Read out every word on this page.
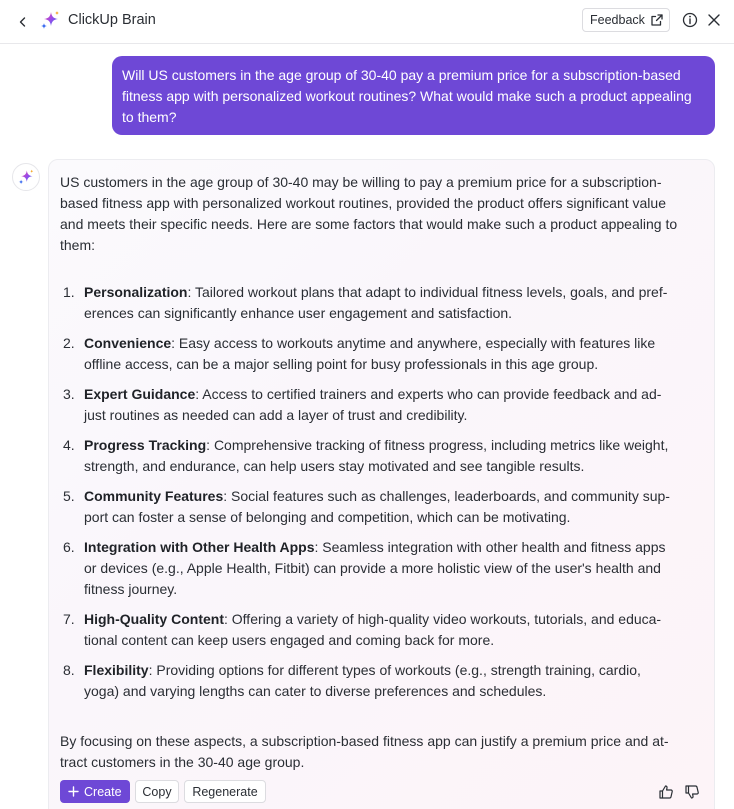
ClickUp Brain	Feedback
Will US customers in the age group of 30-40 pay a premium price for a subscription-based fitness app with personalized workout routines? What would make such a product appealing to them?
US customers in the age group of 30-40 may be willing to pay a premium price for a subscription-
based fitness app with personalized workout routines, provided the product offers significant value
and meets their specific needs. Here are some factors that would make such a product appealing to
them:
1. Personalization: Tailored workout plans that adapt to individual fitness levels, goals, and pref-
erences can significantly enhance user engagement and satisfaction.
2. Convenience: Easy access to workouts anytime and anywhere, especially with features like
offline access, can be a major selling point for busy professionals in this age group.
3. Expert Guidance: Access to certified trainers and experts who can provide feedback and ad-
just routines as needed can add a layer of trust and credibility.
4. Progress Tracking: Comprehensive tracking of fitness progress, including metrics like weight,
strength, and endurance, can help users stay motivated and see tangible results.
5. Community Features: Social features such as challenges, leaderboards, and community sup-
port can foster a sense of belonging and competition, which can be motivating.
6. Integration with Other Health Apps: Seamless integration with other health and fitness apps
or devices (e.g., Apple Health, Fitbit) can provide a more holistic view of the user's health and
fitness journey.
7. High-Quality Content: Offering a variety of high-quality video workouts, tutorials, and educa-
tional content can keep users engaged and coming back for more.
8. Flexibility: Providing options for different types of workouts (e.g., strength training, cardio,
yoga) and varying lengths can cater to diverse preferences and schedules.
By focusing on these aspects, a subscription-based fitness app can justify a premium price and at-
tract customers in the 30-40 age group.
Create	Copy	Regenerate
